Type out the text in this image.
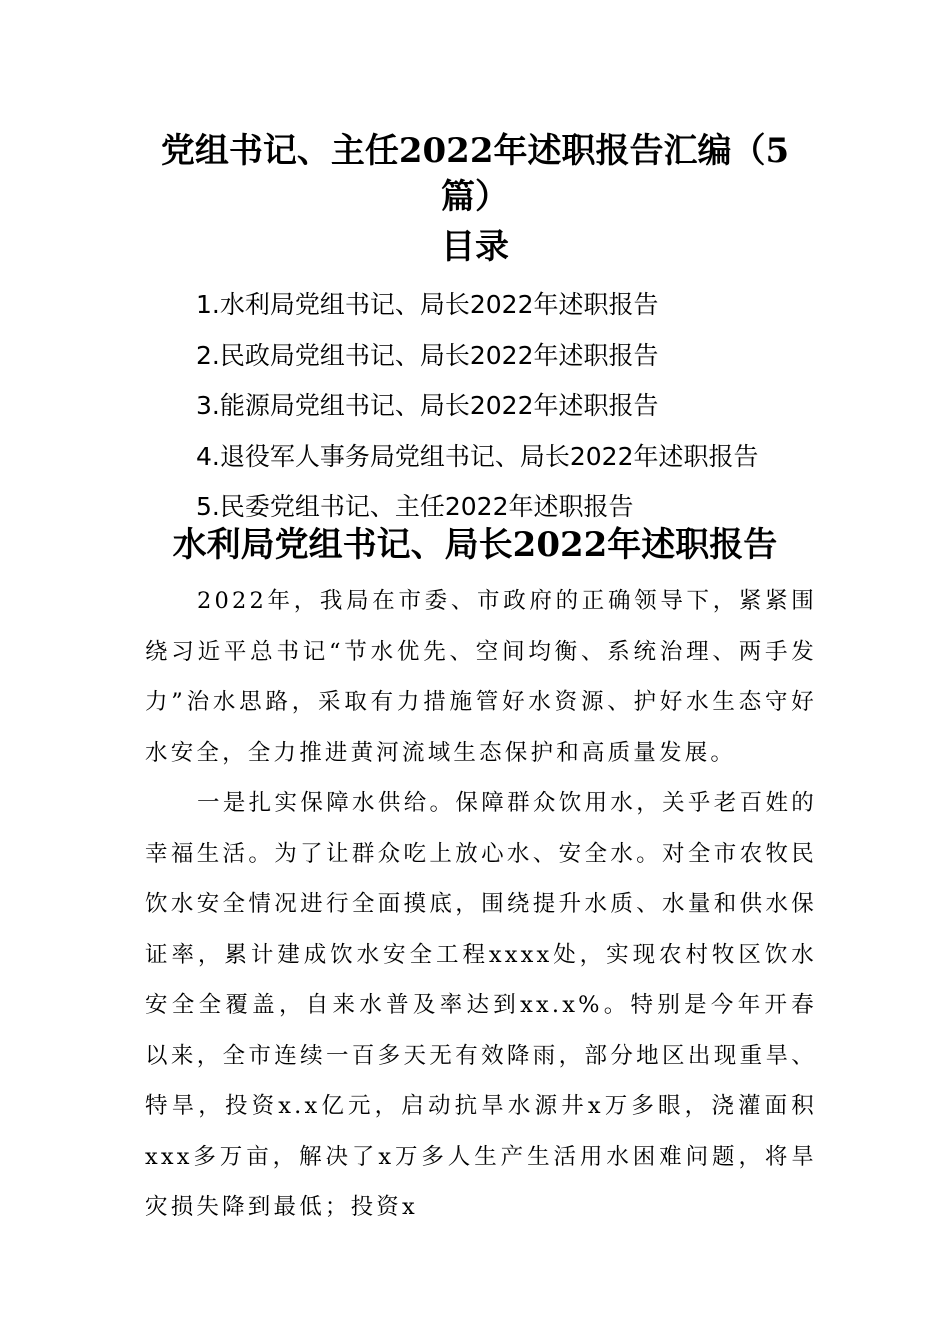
党组书记、主任2022年述职报告汇编（5篇）
目录
1.水利局党组书记、局长2022年述职报告
2.民政局党组书记、局长2022年述职报告
3.能源局党组书记、局长2022年述职报告
4.退役军人事务局党组书记、局长2022年述职报告
5.民委党组书记、主任2022年述职报告
水利局党组书记、局长2022年述职报告

2022年，我局在市委、市政府的正确领导下，紧紧围绕习近平总书记“节水优先、空间均衡、系统治理、两手发力”治水思路，采取有力措施管好水资源、护好水生态守好水安全，全力推进黄河流域生态保护和高质量发展。

一是扎实保障水供给。保障群众饮用水，关乎老百姓的幸福生活。为了让群众吃上放心水、安全水。对全市农牧民饮水安全情况进行全面摸底，围绕提升水质、水量和供水保证率，累计建成饮水安全工程xxxx处，实现农村牧区饮水安全全覆盖，自来水普及率达到xx.x%。特别是今年开春以来，全市连续一百多天无有效降雨，部分地区出现重旱、特旱，投资x.x亿元，启动抗旱水源井x万多眼，浇灌面积xxx多万亩，解决了x万多人生产生活用水困难问题，将旱灾损失降到最低；投资x
